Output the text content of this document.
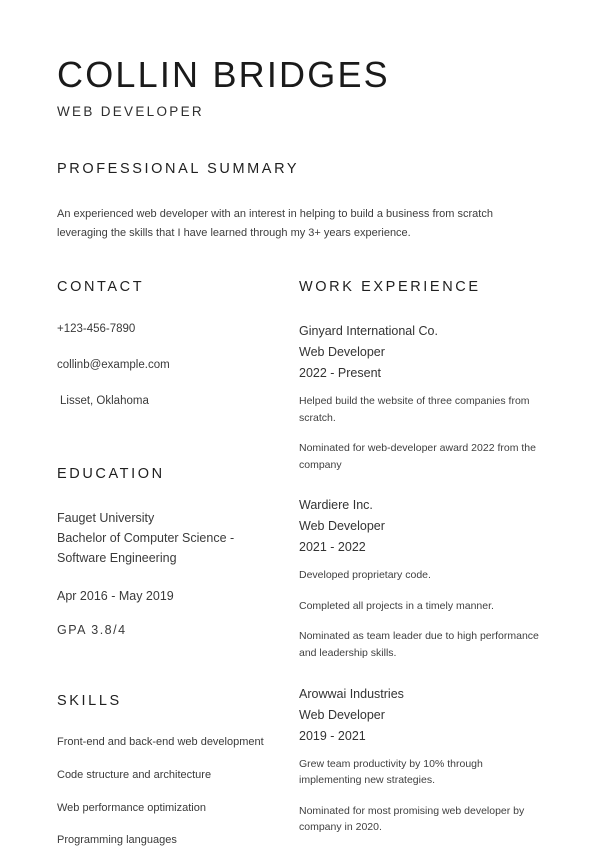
COLLIN BRIDGES
WEB DEVELOPER
PROFESSIONAL SUMMARY
An experienced web developer with an interest in helping to build a business from scratch leveraging the skills that I have learned through my 3+ years experience.
CONTACT
+123-456-7890
collinb@example.com
Lisset, Oklahoma
EDUCATION
Fauget University
Bachelor of Computer Science -
Software Engineering
Apr 2016 - May 2019
GPA 3.8/4
SKILLS
Front-end and back-end web development
Code structure and architecture
Web performance optimization
Programming languages
WORK EXPERIENCE
Ginyard International Co.
Web Developer
2022 - Present
Helped build the website of three companies from scratch.
Nominated for web-developer award 2022 from the company
Wardiere Inc.
Web Developer
2021 - 2022
Developed proprietary code.
Completed all projects in a timely manner.
Nominated as team leader due to high performance and leadership skills.
Arowwai Industries
Web Developer
2019 - 2021
Grew team productivity by 10% through implementing new strategies.
Nominated for most promising web developer by company in 2020.
